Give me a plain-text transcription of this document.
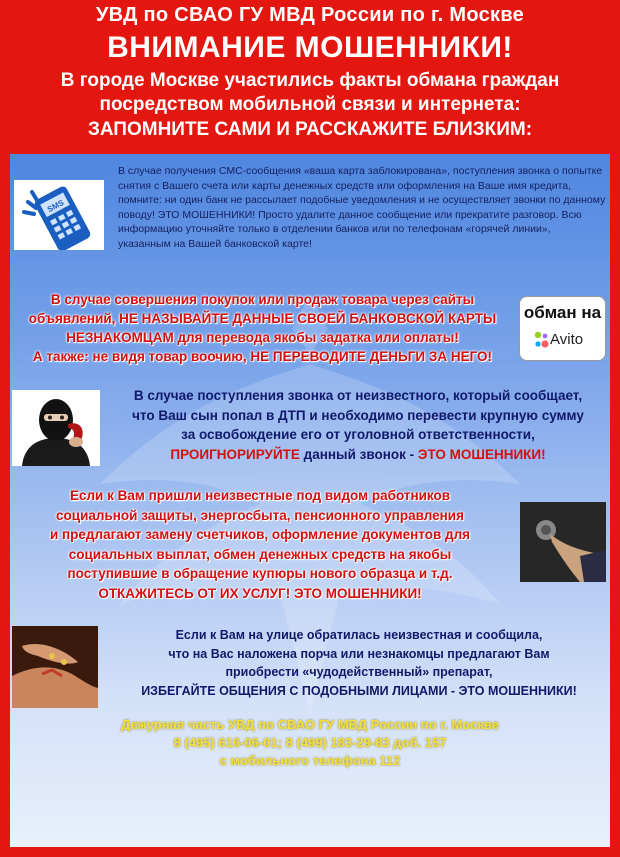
УВД по СВАО ГУ МВД России по г. Москве
ВНИМАНИЕ МОШЕННИКИ!
В городе Москве участились факты обмана граждан
посредством мобильной связи и интернета:
ЗАПОМНИТЕ САМИ И РАССКАЖИТЕ БЛИЗКИМ:
SMS

В случае получения СМС-сообщения «ваша карта заблокирована», поступления звонка о попытке снятия с Вашего счета или карты денежных средств или оформления на Ваше имя кредита, помните: ни один банк не рассылает подобные уведомления и не осуществляет звонки по данному поводу! ЭТО МОШЕННИКИ! Просто удалите данное сообщение или прекратите разговор. Всю информацию уточняйте только в отделении банков или по телефонам «горячей линии», указанным на Вашей банковской карте!

В случае совершения покупок или продаж товара через сайты
объявлений, НЕ НАЗЫВАЙТЕ ДАННЫЕ СВОЕЙ БАНКОВСКОЙ КАРТЫ
НЕЗНАКОМЦАМ для перевода якобы задатка или оплаты!
А также: не видя товар воочию, НЕ ПЕРЕВОДИТЕ ДЕНЬГИ ЗА НЕГО!
обман на
Avito
В случае поступления звонка от неизвестного, который сообщает,
что Ваш сын попал в ДТП и необходимо перевести крупную сумму
за освобождение его от уголовной ответственности,
ПРОИГНОРИРУЙТЕ данный звонок - ЭТО МОШЕННИКИ!
Если к Вам пришли неизвестные под видом работников
социальной защиты, энергосбыта, пенсионного управления
и предлагают замену счетчиков, оформление документов для
социальных выплат, обмен денежных средств на якобы
поступившие в обращение купюры нового образца и т.д.
ОТКАЖИТЕСЬ ОТ ИХ УСЛУГ! ЭТО МОШЕННИКИ!
Если к Вам на улице обратилась неизвестная и сообщила,
что на Вас наложена порча или незнакомцы предлагают Вам
приобрести «чудодейственный» препарат,
ИЗБЕГАЙТЕ ОБЩЕНИЯ С ПОДОБНЫМИ ЛИЦАМИ - ЭТО МОШЕННИКИ!
Дежурная часть УВД по СВАО ГУ МВД России по г. Москве
8 (495) 616-06-01; 8 (499) 183-29-83 доб. 157
с мобильного телефона 112
